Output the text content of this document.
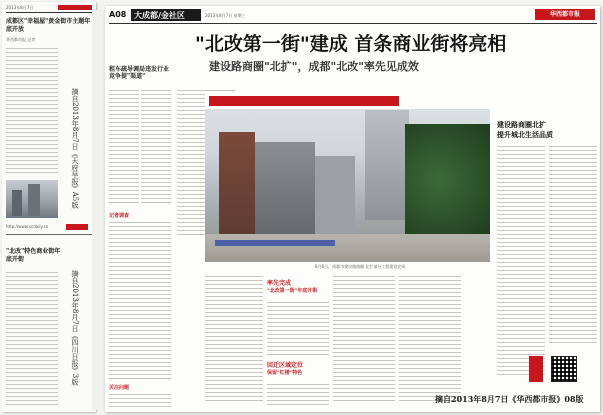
2013年8月7日
成都区"幸福屋"黄金街市主题年底开放
华西都市报 记者
http://www.scdaily.cn
"北改"特色商业街年底开街
摘自2013年8月7日《天府早报》A5版
摘自2013年8月7日《四川日报》3版
A08 大成都/金社区	2013年8月7日 星期三	华西都市报
"北改第一街"建成 首条商业街将亮相
建设路商圈"北扩"，成都"北改"率先见成效
租车疏导调局违发行业竞争提"渠道"
记者调查
关注问题
8月6日，成都市建设路商圈 北扩部分工程建设完成
率先完成
"北改第一街"年底开街
回迁区域定位
保留"红楼"特色
建设路商圈北扩
提升城北生活品质
摘自2013年8月7日《华西都市报》08版
